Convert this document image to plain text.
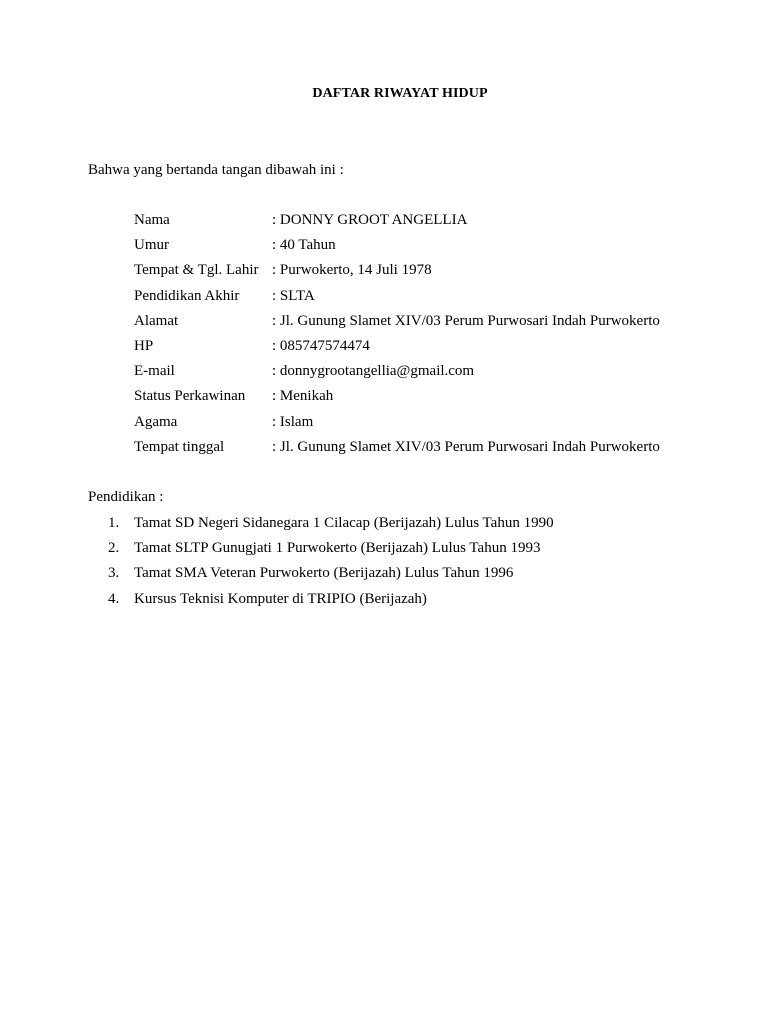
DAFTAR RIWAYAT HIDUP
Bahwa yang bertanda tangan dibawah ini :
Nama	: DONNY GROOT ANGELLIA
Umur	: 40 Tahun
Tempat & Tgl. Lahir : Purwokerto, 14 Juli 1978
Pendidikan Akhir	: SLTA
Alamat	: Jl. Gunung Slamet XIV/03 Perum Purwosari Indah Purwokerto
HP	: 085747574474
E-mail	: donnygrootangellia@gmail.com
Status Perkawinan	: Menikah
Agama	: Islam
Tempat tinggal	: Jl. Gunung Slamet XIV/03 Perum Purwosari Indah Purwokerto
Pendidikan :
1. Tamat SD Negeri Sidanegara 1 Cilacap (Berijazah) Lulus Tahun 1990
2. Tamat SLTP Gunugjati 1 Purwokerto (Berijazah) Lulus Tahun 1993
3. Tamat SMA Veteran Purwokerto (Berijazah) Lulus Tahun 1996
4. Kursus Teknisi Komputer di TRIPIO (Berijazah)
